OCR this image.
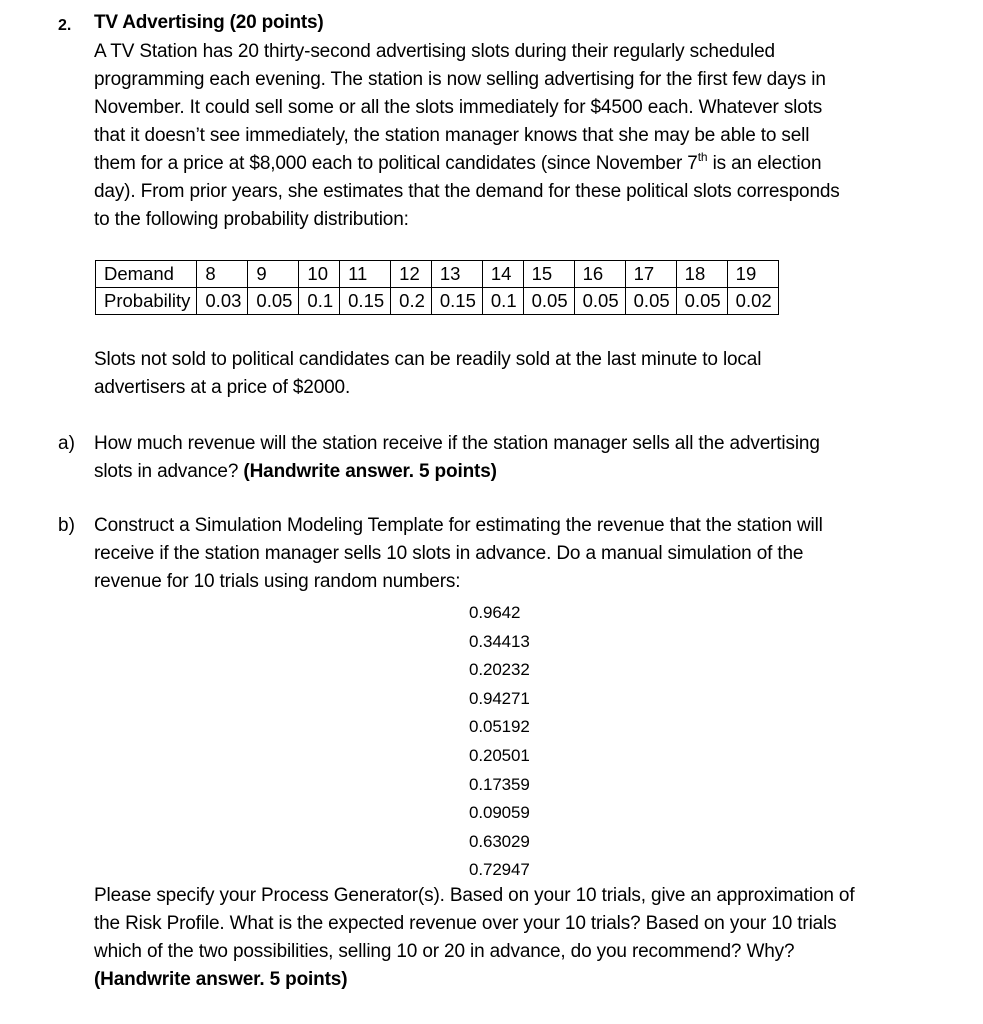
2. TV Advertising (20 points)

A TV Station has 20 thirty-second advertising slots during their regularly scheduled

programming each evening. The station is now selling advertising for the first few days in

November. It could sell some or all the slots immediately for $4500 each. Whatever slots

that it doesn’t see immediately, the station manager knows that she may be able to sell

them for a price at $8,000 each to political candidates (since November 7th is an election

day). From prior years, she estimates that the demand for these political slots corresponds

to the following probability distribution:

Demand	8	9	10	11	12	13	14	15	16	17	18	19
Probability	0.03	0.05	0.1	0.15	0.2	0.15	0.1	0.05	0.05	0.05	0.05	0.02

Slots not sold to political candidates can be readily sold at the last minute to local

advertisers at a price of $2000.

a) How much revenue will the station receive if the station manager sells all the advertising

slots in advance? (Handwrite answer. 5 points)

b) Construct a Simulation Modeling Template for estimating the revenue that the station will

receive if the station manager sells 10 slots in advance. Do a manual simulation of the

revenue for 10 trials using random numbers:

0.9642
0.34413
0.20232
0.94271
0.05192
0.20501
0.17359
0.09059
0.63029
0.72947

Please specify your Process Generator(s). Based on your 10 trials, give an approximation of

the Risk Profile. What is the expected revenue over your 10 trials? Based on your 10 trials

which of the two possibilities, selling 10 or 20 in advance, do you recommend? Why?

(Handwrite answer. 5 points)
